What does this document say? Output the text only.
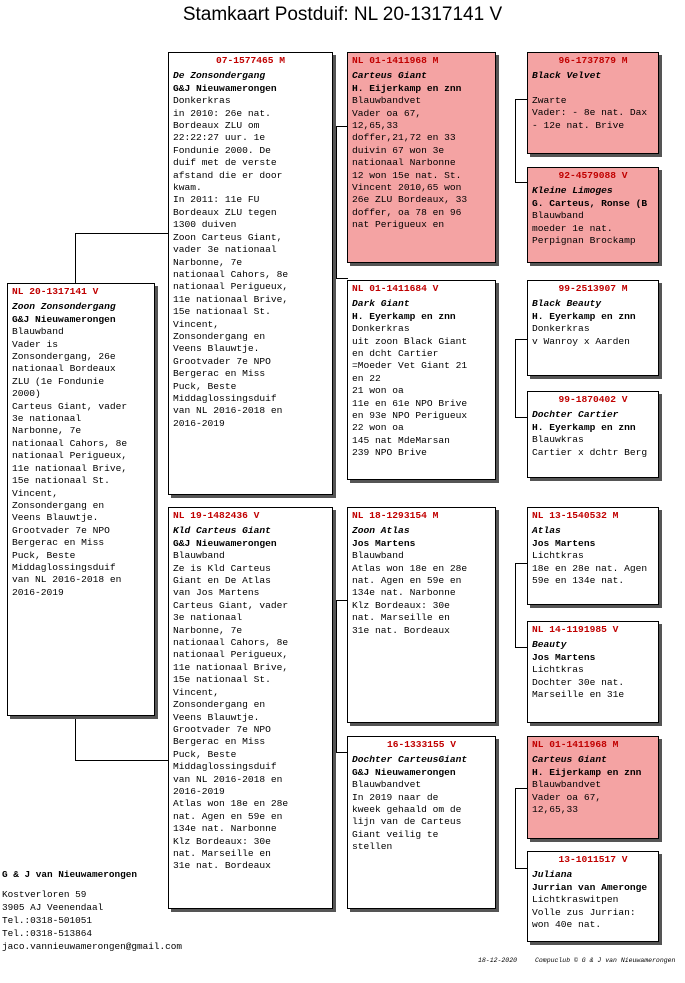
Stamkaart Postduif: NL 20-1317141 V
NL 20-1317141 V
Zoon Zonsondergang
G&J Nieuwamerongen
Blauwband
Vader is
Zonsondergang, 26e
nationaal Bordeaux
ZLU (1e Fondunie
2000)
Carteus Giant, vader
3e nationaal
Narbonne, 7e
nationaal Cahors, 8e
nationaal Perigueux,
11e nationaal Brive,
15e nationaal St.
Vincent,
Zonsondergang en
Veens Blauwtje.
Grootvader 7e NPO
Bergerac en Miss
Puck, Beste
Middaglossingsduif
van NL 2016-2018 en
2016-2019
07-1577465 M
De Zonsondergang
G&J Nieuwamerongen
Donkerkras
in 2010: 26e nat.
Bordeaux ZLU om
22:22:27 uur. 1e
Fondunie 2000. De
duif met de verste
afstand die er door
kwam.
In 2011: 11e FU
Bordeaux ZLU tegen
1300 duiven
Zoon Carteus Giant,
vader 3e nationaal
Narbonne, 7e
nationaal Cahors, 8e
nationaal Perigueux,
11e nationaal Brive,
15e nationaal St.
Vincent,
Zonsondergang en
Veens Blauwtje.
Grootvader 7e NPO
Bergerac en Miss
Puck, Beste
Middaglossingsduif
van NL 2016-2018 en
2016-2019
NL 19-1482436 V
Kld Carteus Giant
G&J Nieuwamerongen
Blauwband
Ze is Kld Carteus
Giant en De Atlas
van Jos Martens
Carteus Giant, vader
3e nationaal
Narbonne, 7e
nationaal Cahors, 8e
nationaal Perigueux,
11e nationaal Brive,
15e nationaal St.
Vincent,
Zonsondergang en
Veens Blauwtje.
Grootvader 7e NPO
Bergerac en Miss
Puck, Beste
Middaglossingsduif
van NL 2016-2018 en
2016-2019
Atlas won 18e en 28e
nat. Agen en 59e en
134e nat. Narbonne
Klz Bordeaux: 30e
nat. Marseille en
31e nat. Bordeaux
NL 01-1411968 M
Carteus Giant
H. Eijerkamp en znn
Blauwbandvet
Vader oa 67,
12,65,33
doffer,21,72 en 33
duivin 67 won 3e
nationaal Narbonne
12 won 15e nat. St.
Vincent 2010,65 won
26e ZLU Bordeaux, 33
doffer, oa 78 en 96
nat Perigueux en
NL 01-1411684 V
Dark Giant
H. Eyerkamp en znn
Donkerkras
uit zoon Black Giant
en dcht Cartier
=Moeder Vet Giant 21
en 22
21 won oa
11e en 61e NPO Brive
en 93e NPO Perigueux
22 won oa
145 nat MdeMarsan
239 NPO Brive
NL 18-1293154 M
Zoon Atlas
Jos Martens
Blauwband
Atlas won 18e en 28e
nat. Agen en 59e en
134e nat. Narbonne
Klz Bordeaux: 30e
nat. Marseille en
31e nat. Bordeaux
16-1333155 V
Dochter CarteusGiant
G&J Nieuwamerongen
Blauwbandvet
In 2019 naar de
kweek gehaald om de
lijn van de Carteus
Giant veilig te
stellen
96-1737879 M
Black Velvet
Zwarte
Vader: - 8e nat. Dax
- 12e nat. Brive
92-4579088 V
Kleine Limoges
G. Carteus, Ronse (B
Blauwband
moeder 1e nat.
Perpignan Brockamp
99-2513907 M
Black Beauty
H. Eyerkamp en znn
Donkerkras
v Wanroy x Aarden
99-1870402 V
Dochter Cartier
H. Eyerkamp en znn
Blauwkras
Cartier x dchtr Berg
NL 13-1540532 M
Atlas
Jos Martens
Lichtkras
18e en 28e nat. Agen
59e en 134e nat.
NL 14-1191985 V
Beauty
Jos Martens
Lichtkras
Dochter 30e nat.
Marseille en 31e
NL 01-1411968 M
Carteus Giant
H. Eijerkamp en znn
Blauwbandvet
Vader oa 67,
12,65,33
13-1011517 V
Juliana
Jurrian van Ameronge
Lichtkraswitpen
Volle zus Jurrian:
won 40e nat.
G & J van Nieuwamerongen
Kostverloren 59
3905 AJ Veenendaal
Tel.:0318-501051
Tel.:0318-513864
jaco.vannieuwamerongen@gmail.com
18-12-2020	Compuclub © G & J van Nieuwamerongen
